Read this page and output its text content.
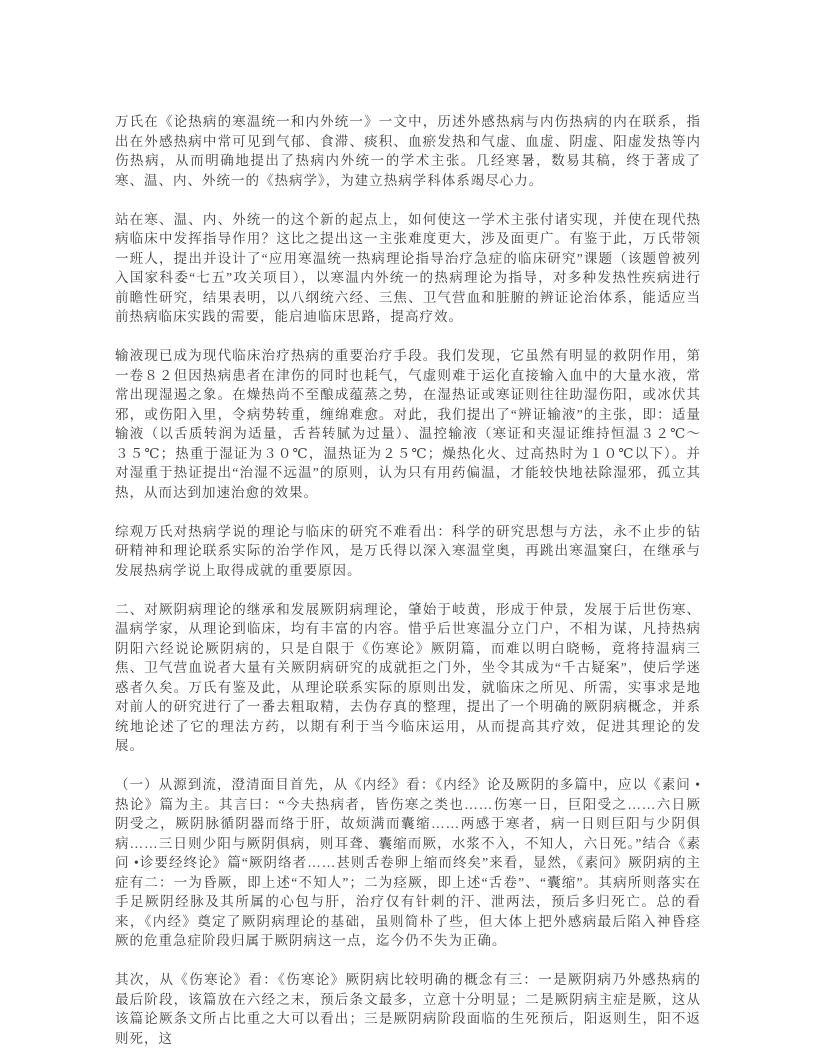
万氏在《论热病的寒温统一和内外统一》一文中，历述外感热病与内伤热病的内在联系，指出在外感热病中常可见到气郁、食滞、痰积、血瘀发热和气虚、血虚、阴虚、阳虚发热等内伤热病，从而明确地提出了热病内外统一的学术主张。几经寒暑，数易其稿，终于著成了寒、温、内、外统一的《热病学》，为建立热病学科体系竭尽心力。

站在寒、温、内、外统一的这个新的起点上，如何使这一学术主张付诸实现，并使在现代热病临床中发挥指导作用？这比之提出这一主张难度更大，涉及面更广。有鉴于此，万氏带领一班人，提出并设计了“应用寒温统一热病理论指导治疗急症的临床研究”课题（该题曾被列入国家科委“七五”攻关项目），以寒温内外统一的热病理论为指导，对多种发热性疾病进行前瞻性研究，结果表明，以八纲统六经、三焦、卫气营血和脏腑的辨证论治体系，能适应当前热病临床实践的需要，能启迪临床思路，提高疗效。

输液现已成为现代临床治疗热病的重要治疗手段。我们发现，它虽然有明显的救阴作用，第一卷８２但因热病患者在津伤的同时也耗气，气虚则难于运化直接输入血中的大量水液，常常出现湿遏之象。在燥热尚不至酿成蕴蒸之势，在湿热证或寒证则往往助湿伤阳，或冰伏其邪，或伤阳入里，令病势转重，缠绵难愈。对此，我们提出了“辨证输液”的主张，即：适量输液（以舌质转润为适量，舌苔转腻为过量）、温控输液（寒证和夹湿证维持恒温３２℃～３５℃；热重于湿证为３０℃，温热证为２５℃；燥热化火、过高热时为１０℃以下）。并对湿重于热证提出“治湿不远温”的原则，认为只有用药偏温，才能较快地祛除湿邪，孤立其热，从而达到加速治愈的效果。

综观万氏对热病学说的理论与临床的研究不难看出：科学的研究思想与方法，永不止步的钻研精神和理论联系实际的治学作风，是万氏得以深入寒温堂奥，再跳出寒温窠臼，在继承与发展热病学说上取得成就的重要原因。

二、对厥阴病理论的继承和发展厥阴病理论，肇始于岐黄，形成于仲景，发展于后世伤寒、温病学家，从理论到临床，均有丰富的内容。惜乎后世寒温分立门户，不相为谋，凡持热病阴阳六经说论厥阴病的，只是自限于《伤寒论》厥阴篇，而难以明白晓畅，竟将持温病三焦、卫气营血说者大量有关厥阴病研究的成就拒之门外，坐令其成为“千古疑案”，使后学迷惑者久矣。万氏有鉴及此，从理论联系实际的原则出发，就临床之所见、所需，实事求是地对前人的研究进行了一番去粗取精，去伪存真的整理，提出了一个明确的厥阴病概念，并系统地论述了它的理法方药，以期有利于当今临床运用，从而提高其疗效，促进其理论的发展。

（一）从源到流，澄清面目首先，从《内经》看：《内经》论及厥阴的多篇中，应以《素问 •热论》篇为主。其言曰：“今夫热病者，皆伤寒之类也……伤寒一日，巨阳受之……六日厥阴受之，厥阴脉循阴器而络于肝，故烦满而囊缩……两感于寒者，病一日则巨阳与少阴俱病……三日则少阳与厥阴俱病，则耳聋、囊缩而厥，水浆不入，不知人，六日死。”结合《素问 •诊要经终论》篇“厥阴络者……甚则舌卷卵上缩而终矣”来看，显然，《素问》厥阴病的主症有二：一为昏厥，即上述“不知人”；二为痉厥，即上述“舌卷”、“囊缩”。其病所则落实在手足厥阴经脉及其所属的心包与肝，治疗仅有针刺的汗、泄两法，预后多归死亡。总的看来，《内经》奠定了厥阴病理论的基础，虽则简朴了些，但大体上把外感病最后陷入神昏痉厥的危重急症阶段归属于厥阴病这一点，迄今仍不失为正确。

其次，从《伤寒论》看：《伤寒论》厥阴病比较明确的概念有三：一是厥阴病乃外感热病的最后阶段，该篇放在六经之末，预后条文最多，立意十分明显；二是厥阴病主症是厥，这从该篇论厥条文所占比重之大可以看出；三是厥阴病阶段面临的生死预后，阳返则生，阳不返则死，这
